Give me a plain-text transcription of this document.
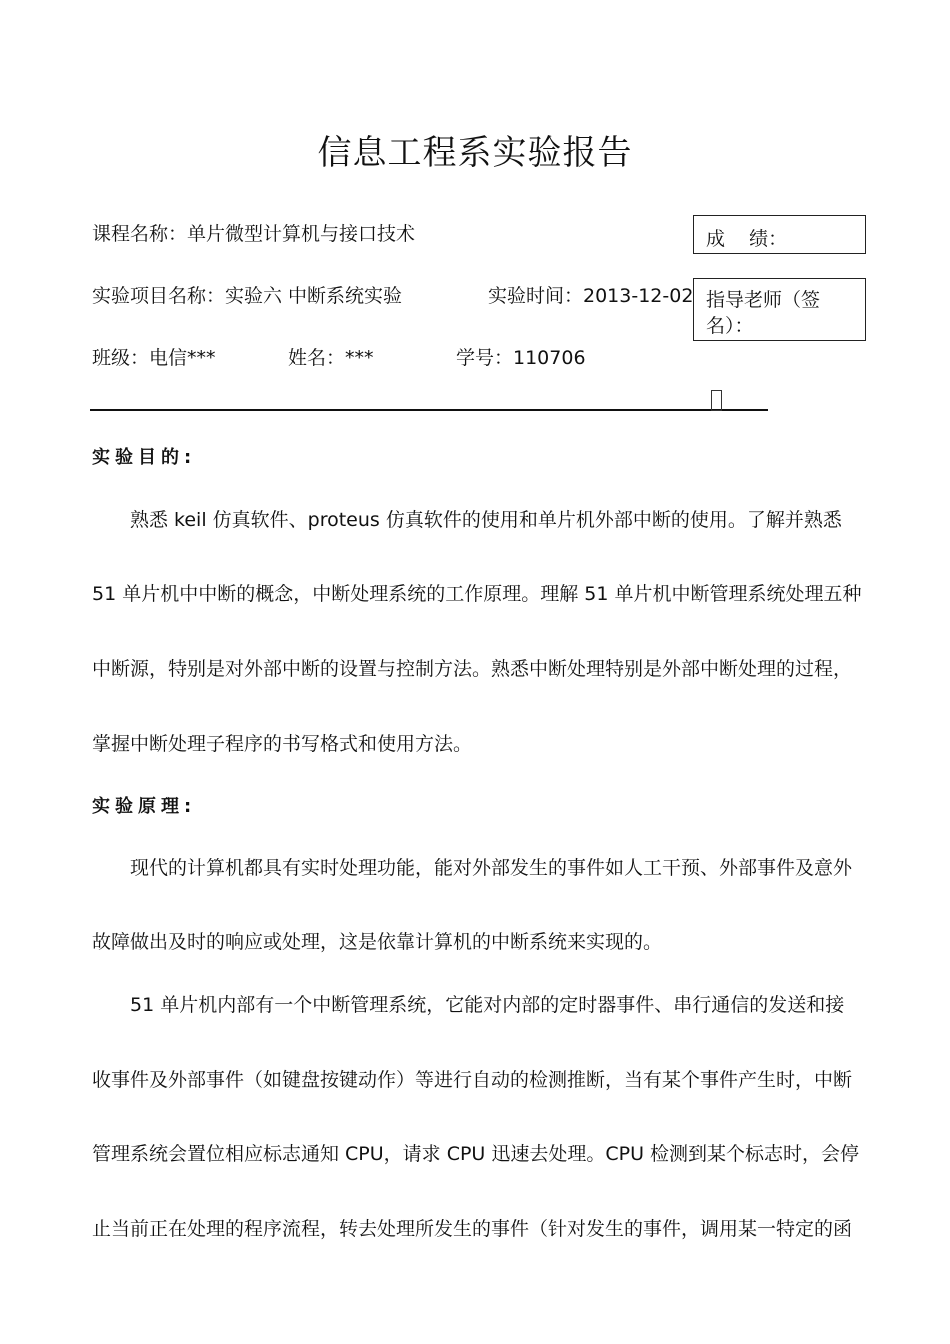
信息工程系实验报告
课程名称：单片微型计算机与接口技术
实验项目名称：实验六 中断系统实验	实验时间：2013-12-02
班级：电信***	姓名：***	学号：110706
成    绩：
指导老师（签
名）：
实验目的:
熟悉 keil 仿真软件、proteus 仿真软件的使用和单片机外部中断的使用。了解并熟悉
51 单片机中中断的概念，中断处理系统的工作原理。理解 51 单片机中断管理系统处理五种
中断源，特别是对外部中断的设置与控制方法。熟悉中断处理特别是外部中断处理的过程，
掌握中断处理子程序的书写格式和使用方法。
实验原理:
现代的计算机都具有实时处理功能，能对外部发生的事件如人工干预、外部事件及意外
故障做出及时的响应或处理，这是依靠计算机的中断系统来实现的。
51 单片机内部有一个中断管理系统，它能对内部的定时器事件、串行通信的发送和接
收事件及外部事件（如键盘按键动作）等进行自动的检测推断，当有某个事件产生时，中断
管理系统会置位相应标志通知 CPU，请求 CPU 迅速去处理。CPU 检测到某个标志时，会停
止当前正在处理的程序流程，转去处理所发生的事件（针对发生的事件，调用某一特定的函
